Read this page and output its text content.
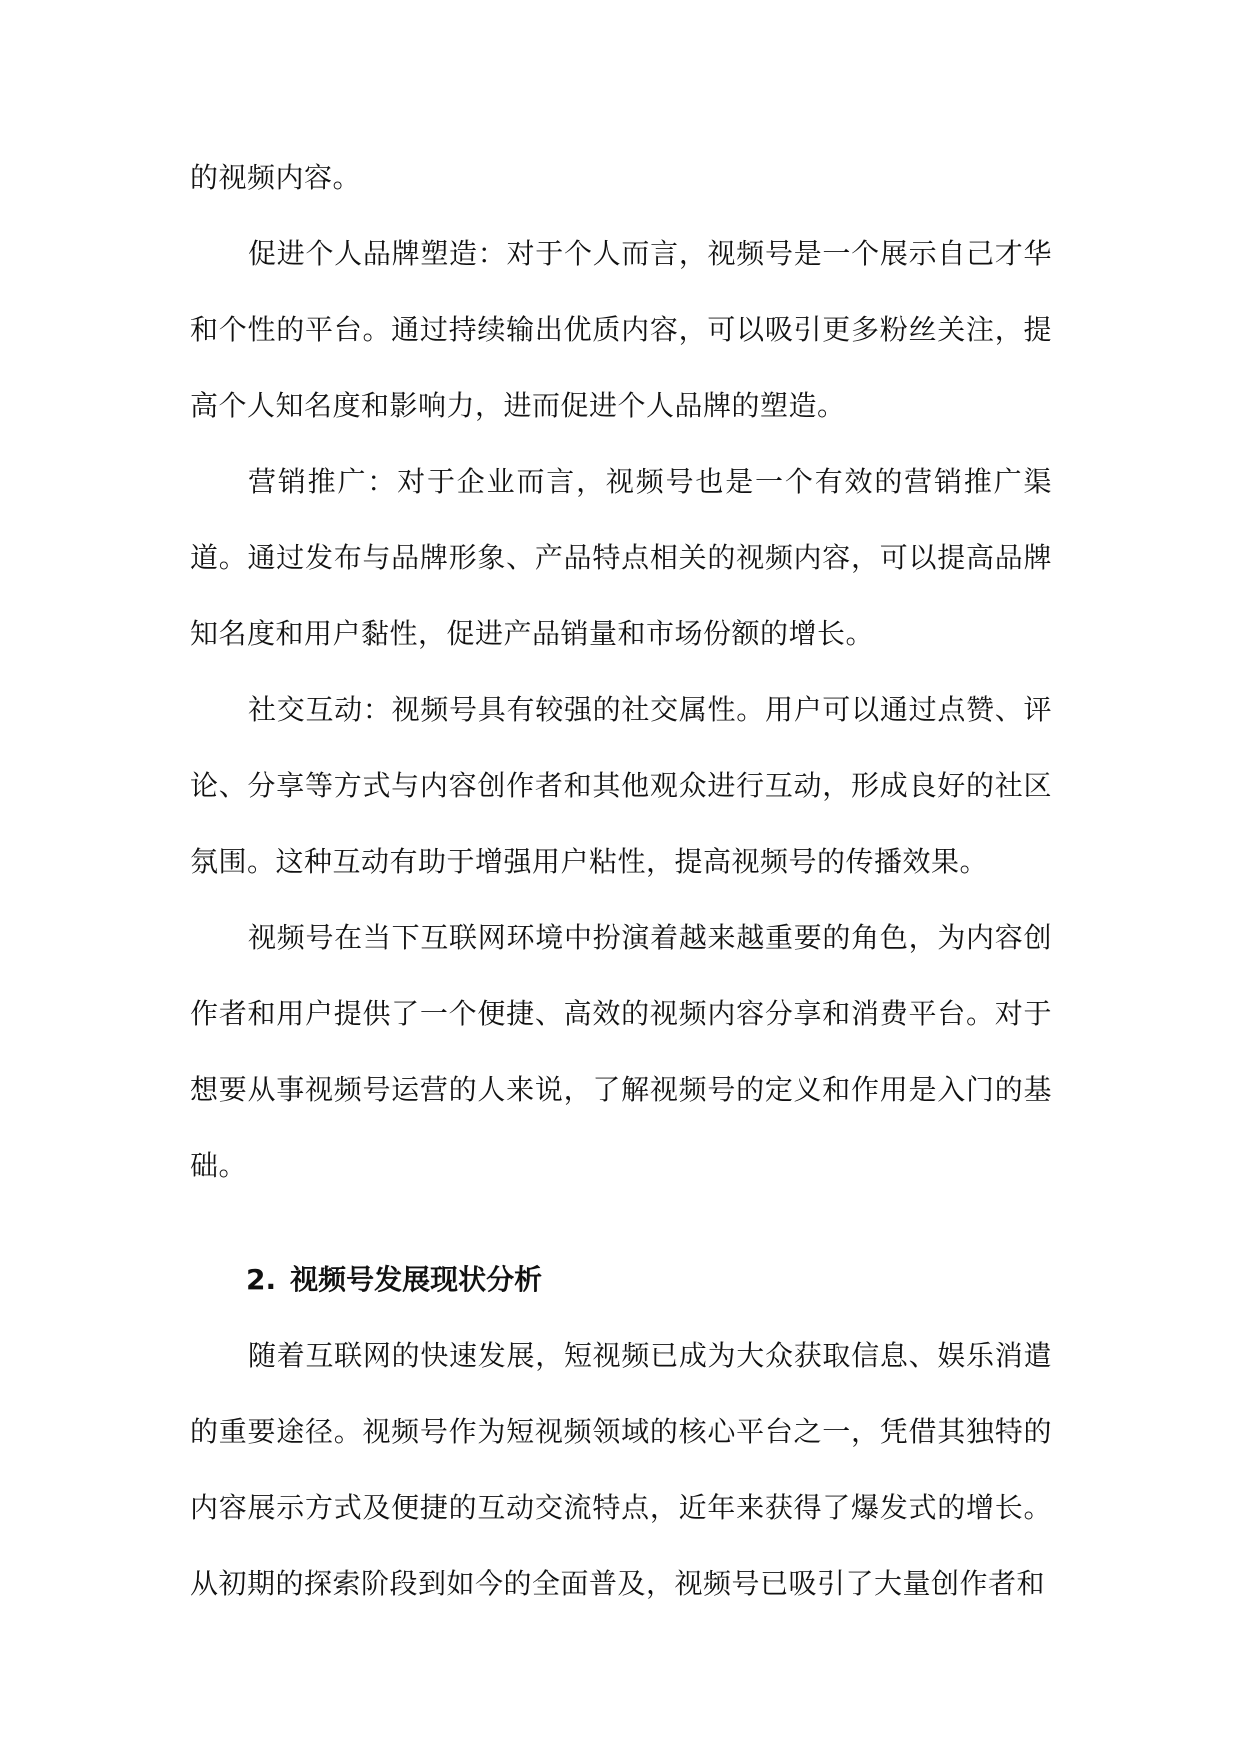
的视频内容。

促进个人品牌塑造：对于个人而言，视频号是一个展示自己才华和个性的平台。通过持续输出优质内容，可以吸引更多粉丝关注，提高个人知名度和影响力，进而促进个人品牌的塑造。

营销推广：对于企业而言，视频号也是一个有效的营销推广渠道。通过发布与品牌形象、产品特点相关的视频内容，可以提高品牌知名度和用户黏性，促进产品销量和市场份额的增长。

社交互动：视频号具有较强的社交属性。用户可以通过点赞、评论、分享等方式与内容创作者和其他观众进行互动，形成良好的社区氛围。这种互动有助于增强用户粘性，提高视频号的传播效果。

视频号在当下互联网环境中扮演着越来越重要的角色，为内容创作者和用户提供了一个便捷、高效的视频内容分享和消费平台。对于想要从事视频号运营的人来说，了解视频号的定义和作用是入门的基础。

2. 视频号发展现状分析

随着互联网的快速发展，短视频已成为大众获取信息、娱乐消遣的重要途径。视频号作为短视频领域的核心平台之一，凭借其独特的内容展示方式及便捷的互动交流特点，近年来获得了爆发式的增长。从初期的探索阶段到如今的全面普及，视频号已吸引了大量创作者和
